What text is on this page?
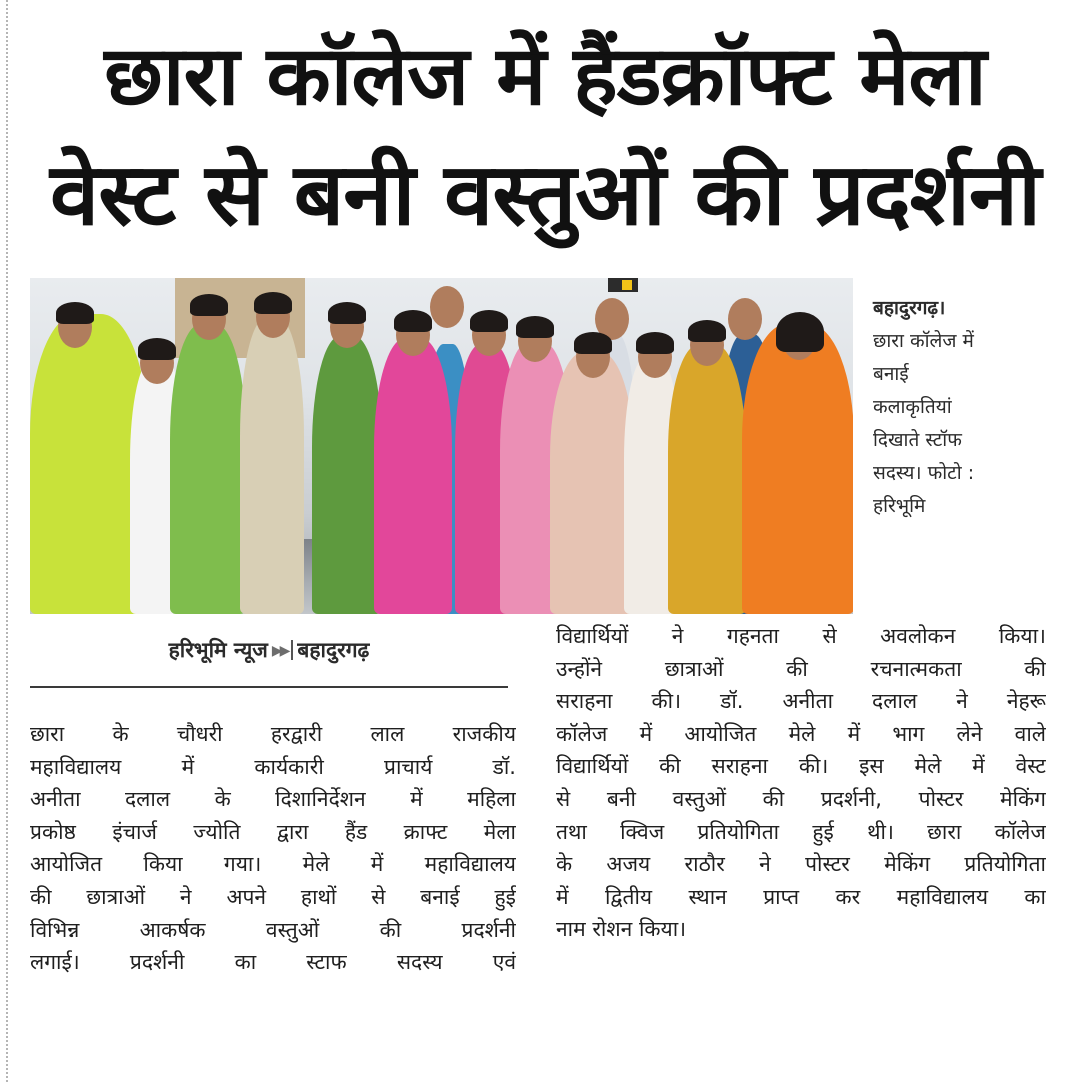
छारा कॉलेज में हैंडक्रॉफ्ट मेला
वेस्ट से बनी वस्तुओं की प्रदर्शनी
बहादुरगढ़।
छारा कॉलेज में
बनाई
कलाकृतियां
दिखाते स्टॉफ
सदस्य। फोटो :
हरिभूमि
हरिभूमि न्यूज ▶▶ बहादुरगढ़
छारा के चौधरी हरद्वारी लाल राजकीय
महाविद्यालय में कार्यकारी प्राचार्य डॉ.
अनीता दलाल के दिशानिर्देशन में महिला
प्रकोष्ठ इंचार्ज ज्योति द्वारा हैंड क्राफ्ट मेला
आयोजित किया गया। मेले में महाविद्यालय
की छात्राओं ने अपने हाथों से बनाई हुई
विभिन्न आकर्षक वस्तुओं की प्रदर्शनी
लगाई। प्रदर्शनी का स्टाफ सदस्य एवं
विद्यार्थियों ने गहनता से अवलोकन किया।
उन्होंने छात्राओं की रचनात्मकता की
सराहना की। डॉ. अनीता दलाल ने नेहरू
कॉलेज में आयोजित मेले में भाग लेने वाले
विद्यार्थियों की सराहना की। इस मेले में वेस्ट
से बनी वस्तुओं की प्रदर्शनी, पोस्टर मेकिंग
तथा क्विज प्रतियोगिता हुई थी। छारा कॉलेज
के अजय राठौर ने पोस्टर मेकिंग प्रतियोगिता
में द्वितीय स्थान प्राप्त कर महाविद्यालय का
नाम रोशन किया।
